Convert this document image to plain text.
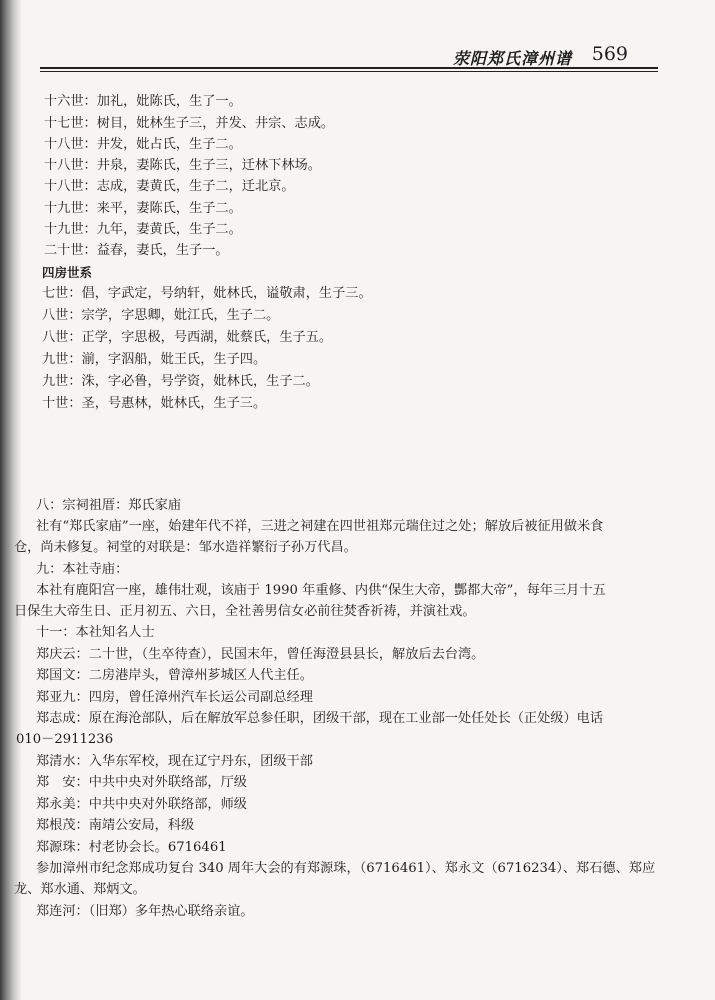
荥阳郑氏漳州谱 569
十六世：加礼，妣陈氏，生了一。
十七世：树目，妣林生子三，并发、井宗、志成。
十八世：井发，妣占氏，生子二。
十八世：井泉，妻陈氏，生子三，迁林下林场。
十八世：志成，妻黄氏，生子二，迁北京。
十九世：来平，妻陈氏，生子二。
十九世：九年，妻黄氏，生子二。
二十世：益春，妻氏，生子一。
四房世系
七世：倡，字武定，号纳轩，妣林氏，谥敬肃，生子三。
八世：宗学，字思卿，妣江氏，生子二。
八世：正学，字思极，号西湖，妣蔡氏，生子五。
九世：湔，字泅船，妣王氏，生子四。
九世：洙，字必鲁，号学资，妣林氏，生子二。
十世：圣，号惠林，妣林氏，生子三。
八：宗祠祖厝：郑氏家庙
社有“郑氏家庙”一座，始建年代不祥，三进之祠建在四世祖郑元瑞住过之处；解放后被征用做米食
仓，尚未修复。祠堂的对联是：邹水造祥繁衍子孙万代昌。
九：本社寺庙：
本社有鹿阳宫一座，雄伟壮观，该庙于 1990 年重修、内供“保生大帝，酆都大帝”，每年三月十五
日保生大帝生日、正月初五、六日，全社善男信女必前往焚香祈祷，并演社戏。
十一：本社知名人士
郑庆云：二十世，（生卒待查），民国末年，曾任海澄县县长，解放后去台湾。
郑国文：二房港岸头，曾漳州芗城区人代主任。
郑亚九：四房，曾任漳州汽车长运公司副总经理
郑志成：原在海沧部队，后在解放军总参任职，团级干部，现在工业部一处任处长（正处级）电话
010－2911236
郑清水：入华东军校，现在辽宁丹东，团级干部
郑　安：中共中央对外联络部，厅级
郑永美：中共中央对外联络部，师级
郑根茂：南靖公安局，科级
郑源珠：村老协会长。6716461
参加漳州市纪念郑成功复台 340 周年大会的有郑源珠，（6716461）、郑永文（6716234）、郑石德、郑应
龙、郑水通、郑炳文。
郑连河：（旧郑）多年热心联络亲谊。
